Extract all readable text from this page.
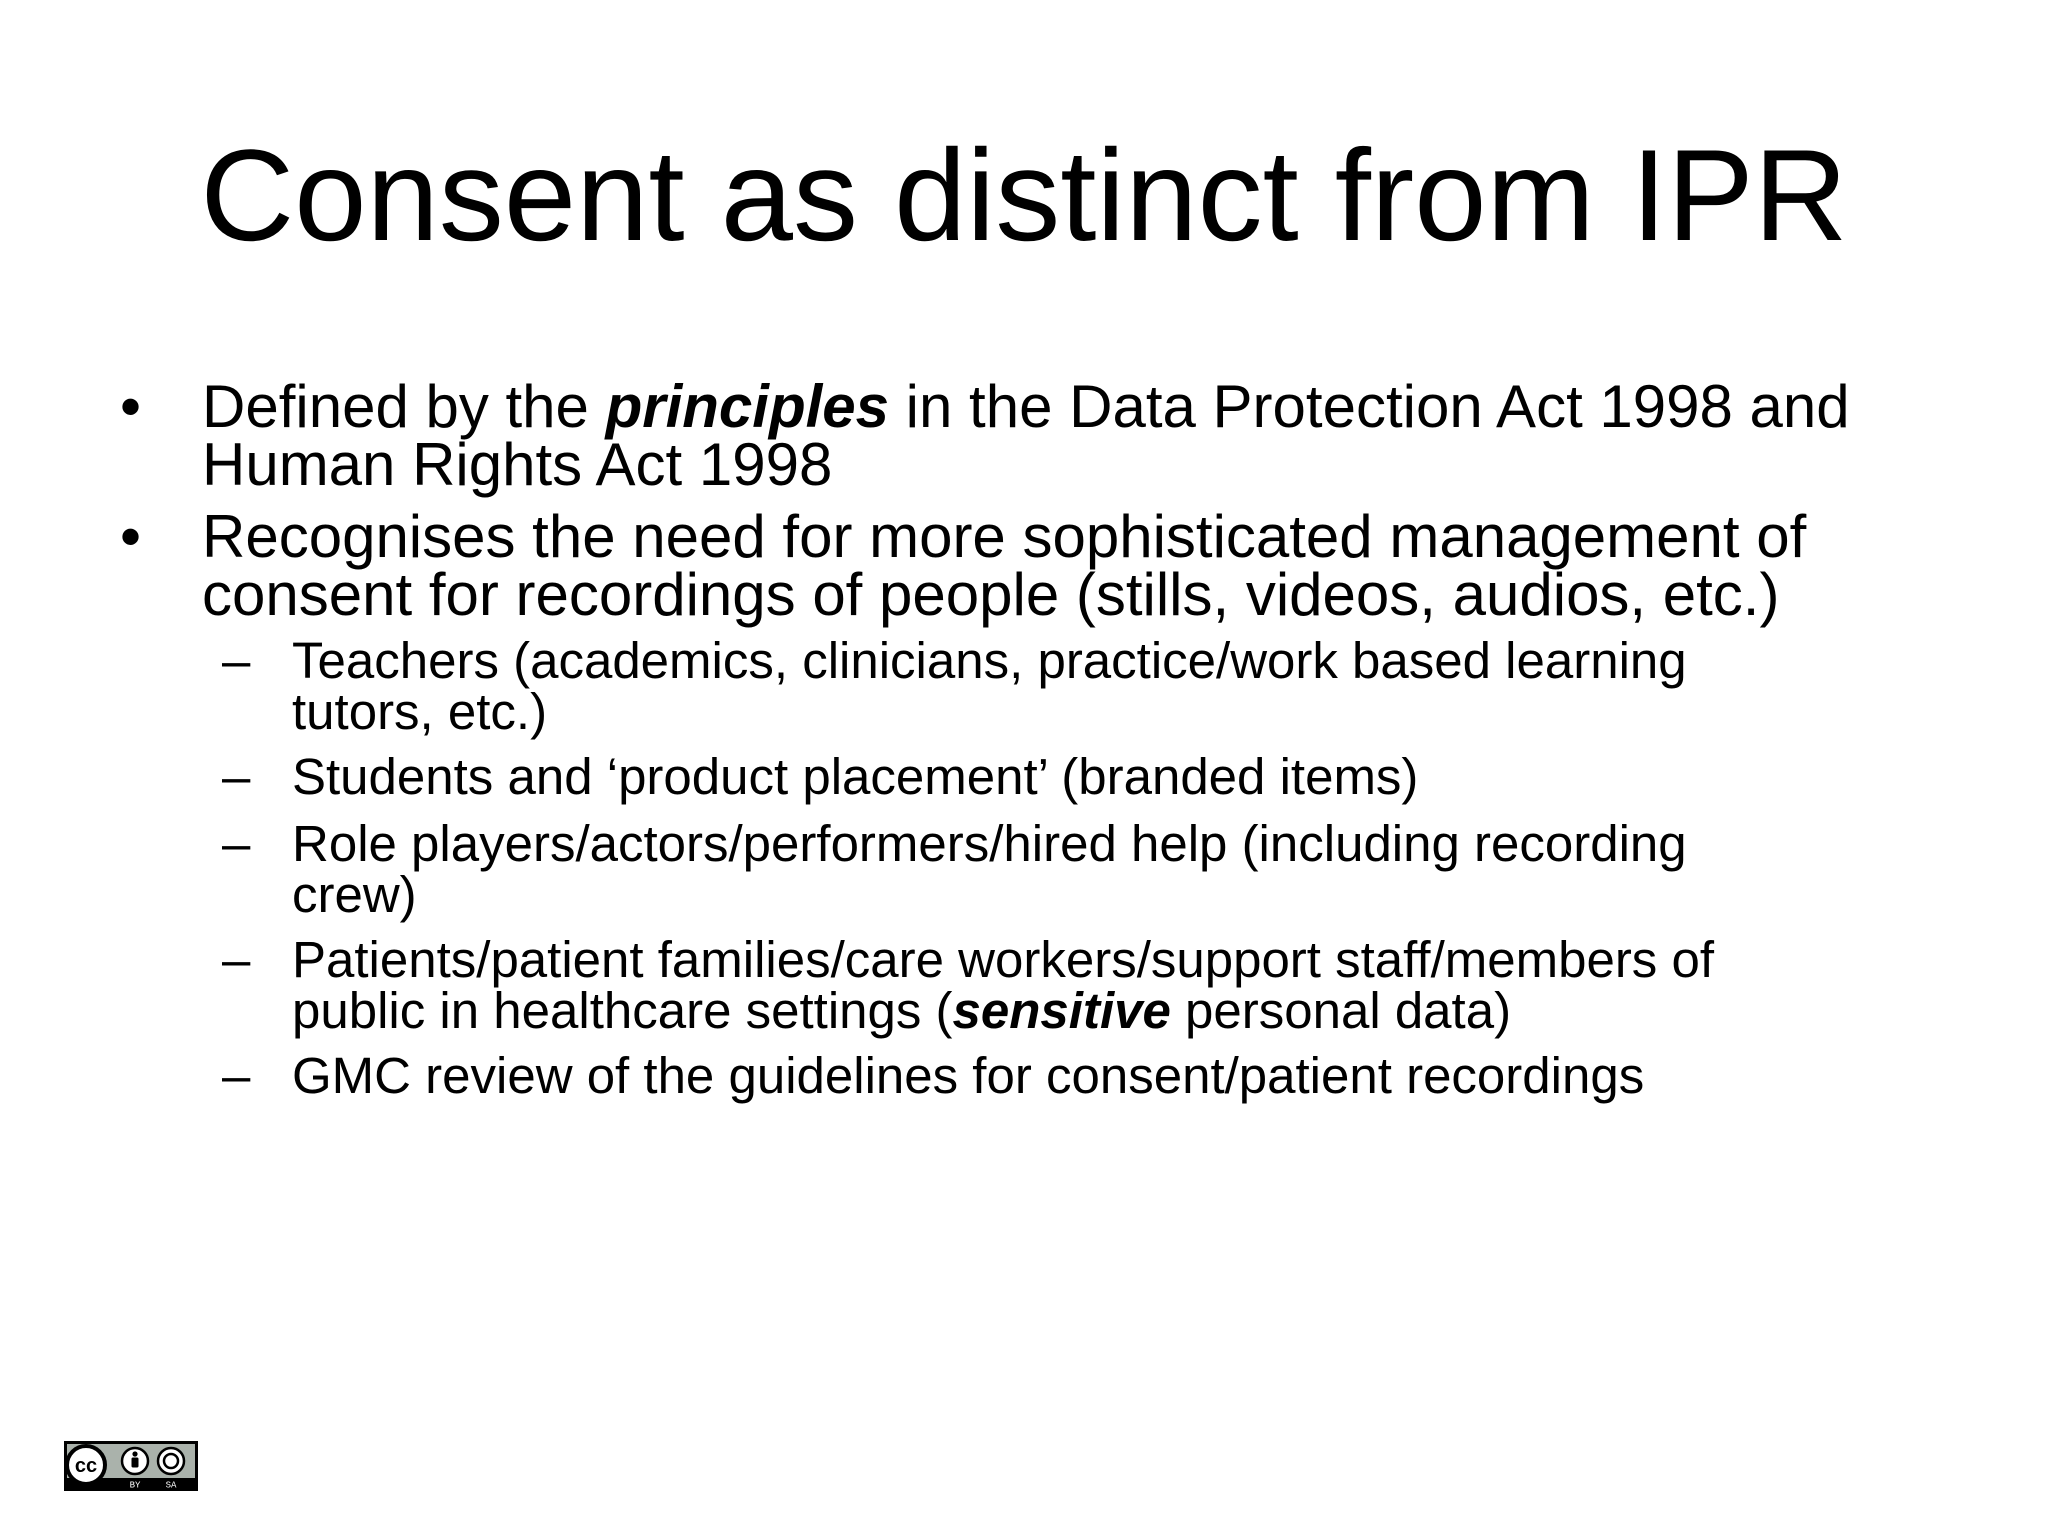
Consent as distinct from IPR
• Defined by the principles in the Data Protection Act 1998 and
Human Rights Act 1998
• Recognises the need for more sophisticated management of
consent for recordings of people (stills, videos, audios, etc.)
– Teachers (academics, clinicians, practice/work based learning
tutors, etc.)
– Students and ‘product placement’ (branded items)
– Role players/actors/performers/hired help (including recording
crew)
– Patients/patient families/care workers/support staff/members of
public in healthcare settings (sensitive personal data)
– GMC review of the guidelines for consent/patient recordings
cc
BY	SA
